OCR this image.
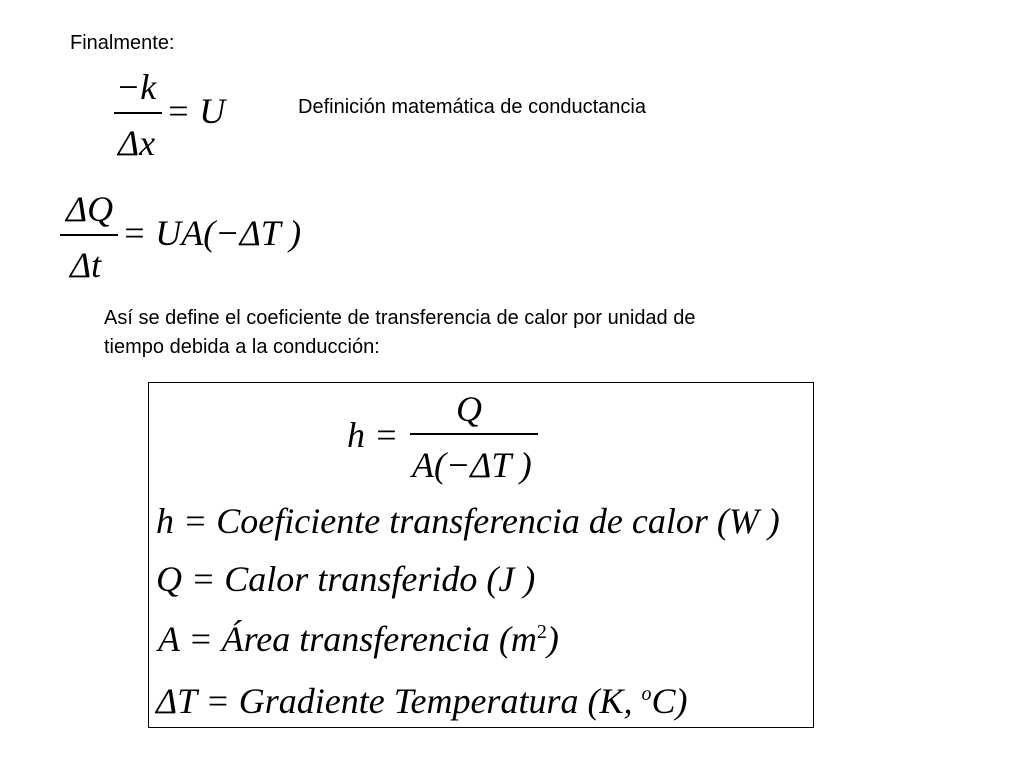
Finalmente:
−k
Δx
= U	Definición matemática de conductancia
ΔQ
Δt
= UA(−ΔT )
Así se define el coeficiente de transferencia de calor por unidad de
tiempo debida a la conducción:
h =
Q
A(−ΔT )
h = Coeficiente transferencia de calor (W )
Q = Calor transferido (J )
A = Área transferencia $(m^2)$
ΔT = Gradiente Temperatura (K, $^o$C)
